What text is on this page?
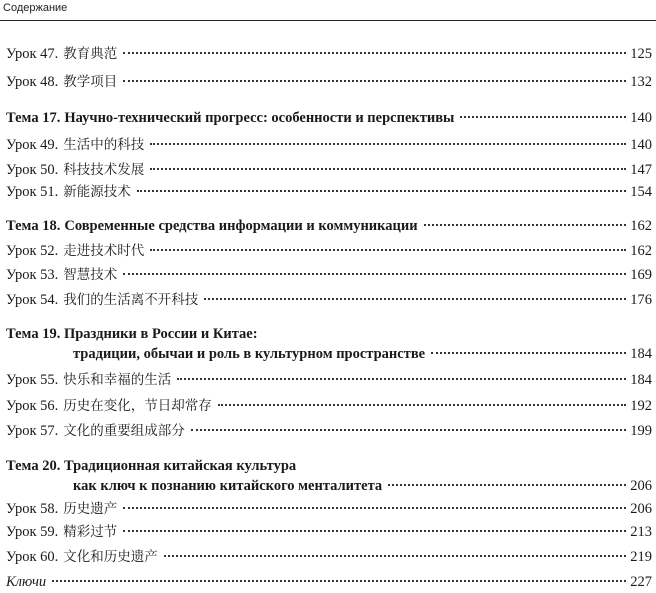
Содержание
Урок 47. 教育典范	125
Урок 48. 教学项目	132
Тема 17. Научно-технический прогресс: особенности и перспективы	140
Урок 49. 生活中的科技	140
Урок 50. 科技技术发展	147
Урок 51. 新能源技术	154
Тема 18. Современные средства информации и коммуникации	162
Урок 52. 走进技术时代	162
Урок 53. 智慧技术	169
Урок 54. 我们的生活离不开科技	176
Тема 19. Праздники в России и Китае:
традиции, обычаи и роль в культурном пространстве	184
Урок 55. 快乐和幸福的生活	184
Урок 56. 历史在变化，节日却常存	192
Урок 57. 文化的重要组成部分	199
Тема 20. Традиционная китайская культура
как ключ к познанию китайского менталитета	206
Урок 58. 历史遗产	206
Урок 59. 精彩过节	213
Урок 60. 文化和历史遗产	219
Ключи	227
